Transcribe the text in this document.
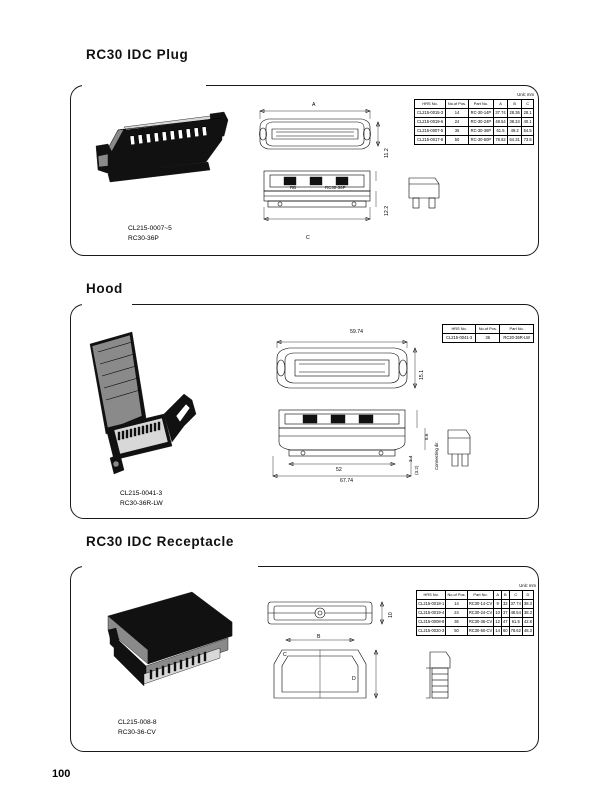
RC30 IDC Plug
CL215-0007~5
RC30-36P
A
C
11.2
12.2
RC30-36P
RB
Unit: mm
HRS No.	No.of Pos.	Part No.	A	B	C
CL215-0015-3	14	RC-30-14P	37.74	28.36	28.1
CL215-0019-6	24	RC-30-24P	48.54	38.24	40.1
CL215-0007-5	36	RC-30-36P	61.5	49.2	54.5
CL215-0017-8	50	RC-30-50P	78.62	64.31	73.5
Hood
CL215-0041-3
RC30-36R-LW
59.74
67.74
52
15.1
(3.2)
3.4
8.6
Connecting dir.
HRS No.	No.of Pos.	Part No.
CL215-0041-3	36	RC30-36R-LW
RC30 IDC Receptacle
CL215-008-8
RC30-36-CV
C
B
D
10
Unit: mm
HRS No.	No.of Pos.	Part No.	A	B	C	D
CL215-0018-1	14	RC30-14-CV	9	32	37.74	38.3
CL215-0019-4	24	RC30-24-CV	10	37	48.54	38.3
CL215-0008-8	36	RC30-36-CV	12	47	61.5	42.8
CL215-0020-3	50	RC30-50-CV	14	60	78.62	48.3
100
